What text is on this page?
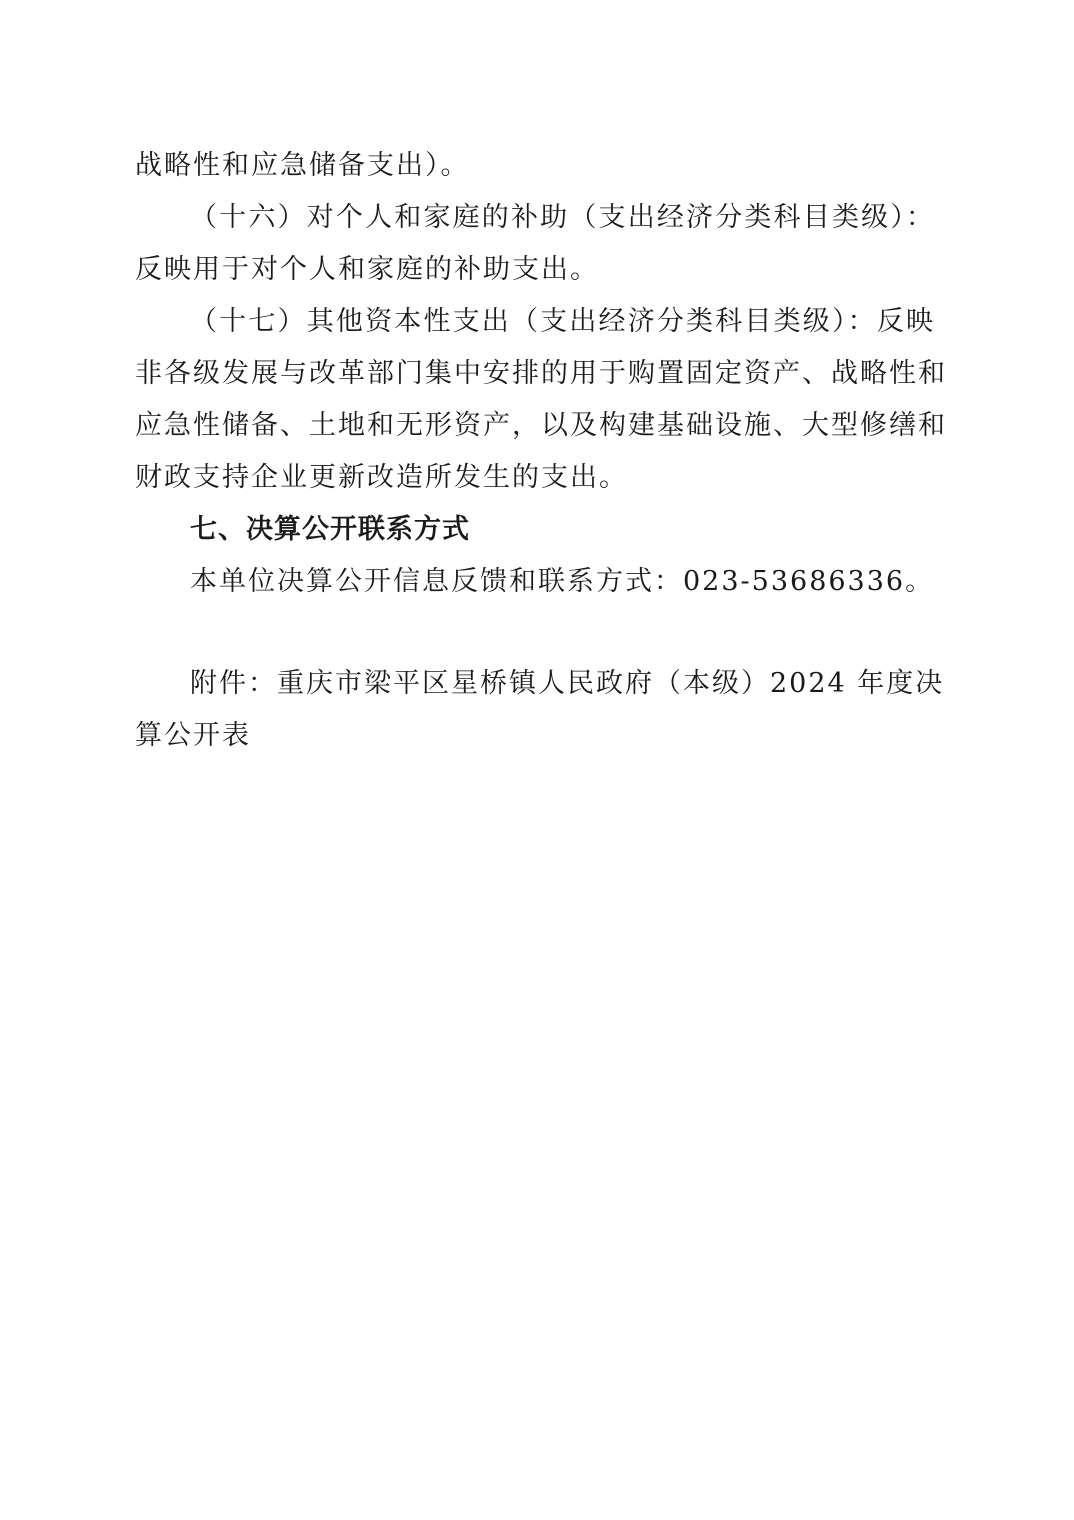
战略性和应急储备支出）。
（十六）对个人和家庭的补助（支出经济分类科目类级）：
反映用于对个人和家庭的补助支出。
（十七）其他资本性支出（支出经济分类科目类级）：反映
非各级发展与改革部门集中安排的用于购置固定资产、战略性和
应急性储备、土地和无形资产，以及构建基础设施、大型修缮和
财政支持企业更新改造所发生的支出。
七、决算公开联系方式
本单位决算公开信息反馈和联系方式：023-53686336。
附件：重庆市梁平区星桥镇人民政府（本级）2024 年度决
算公开表
